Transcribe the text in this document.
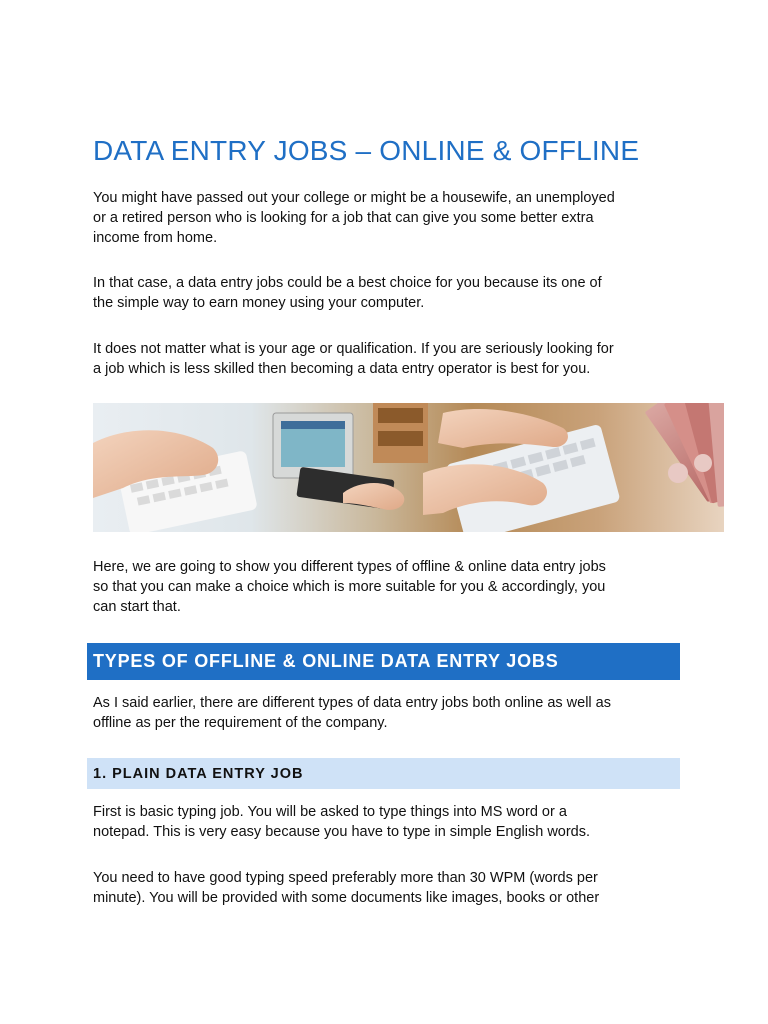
DATA ENTRY JOBS – ONLINE & OFFLINE

You might have passed out your college or might be a housewife, an unemployed
or a retired person who is looking for a job that can give you some better extra
income from home.

In that case, a data entry jobs could be a best choice for you because its one of
the simple way to earn money using your computer.

It does not matter what is your age or qualification. If you are seriously looking for
a job which is less skilled then becoming a data entry operator is best for you.

Here, we are going to show you different types of offline & online data entry jobs
so that you can make a choice which is more suitable for you & accordingly, you
can start that.

TYPES OF OFFLINE & ONLINE DATA ENTRY JOBS

As I said earlier, there are different types of data entry jobs both online as well as
offline as per the requirement of the company.

1. PLAIN DATA ENTRY JOB

First is basic typing job. You will be asked to type things into MS word or a
notepad. This is very easy because you have to type in simple English words.

You need to have good typing speed preferably more than 30 WPM (words per
minute). You will be provided with some documents like images, books or other
